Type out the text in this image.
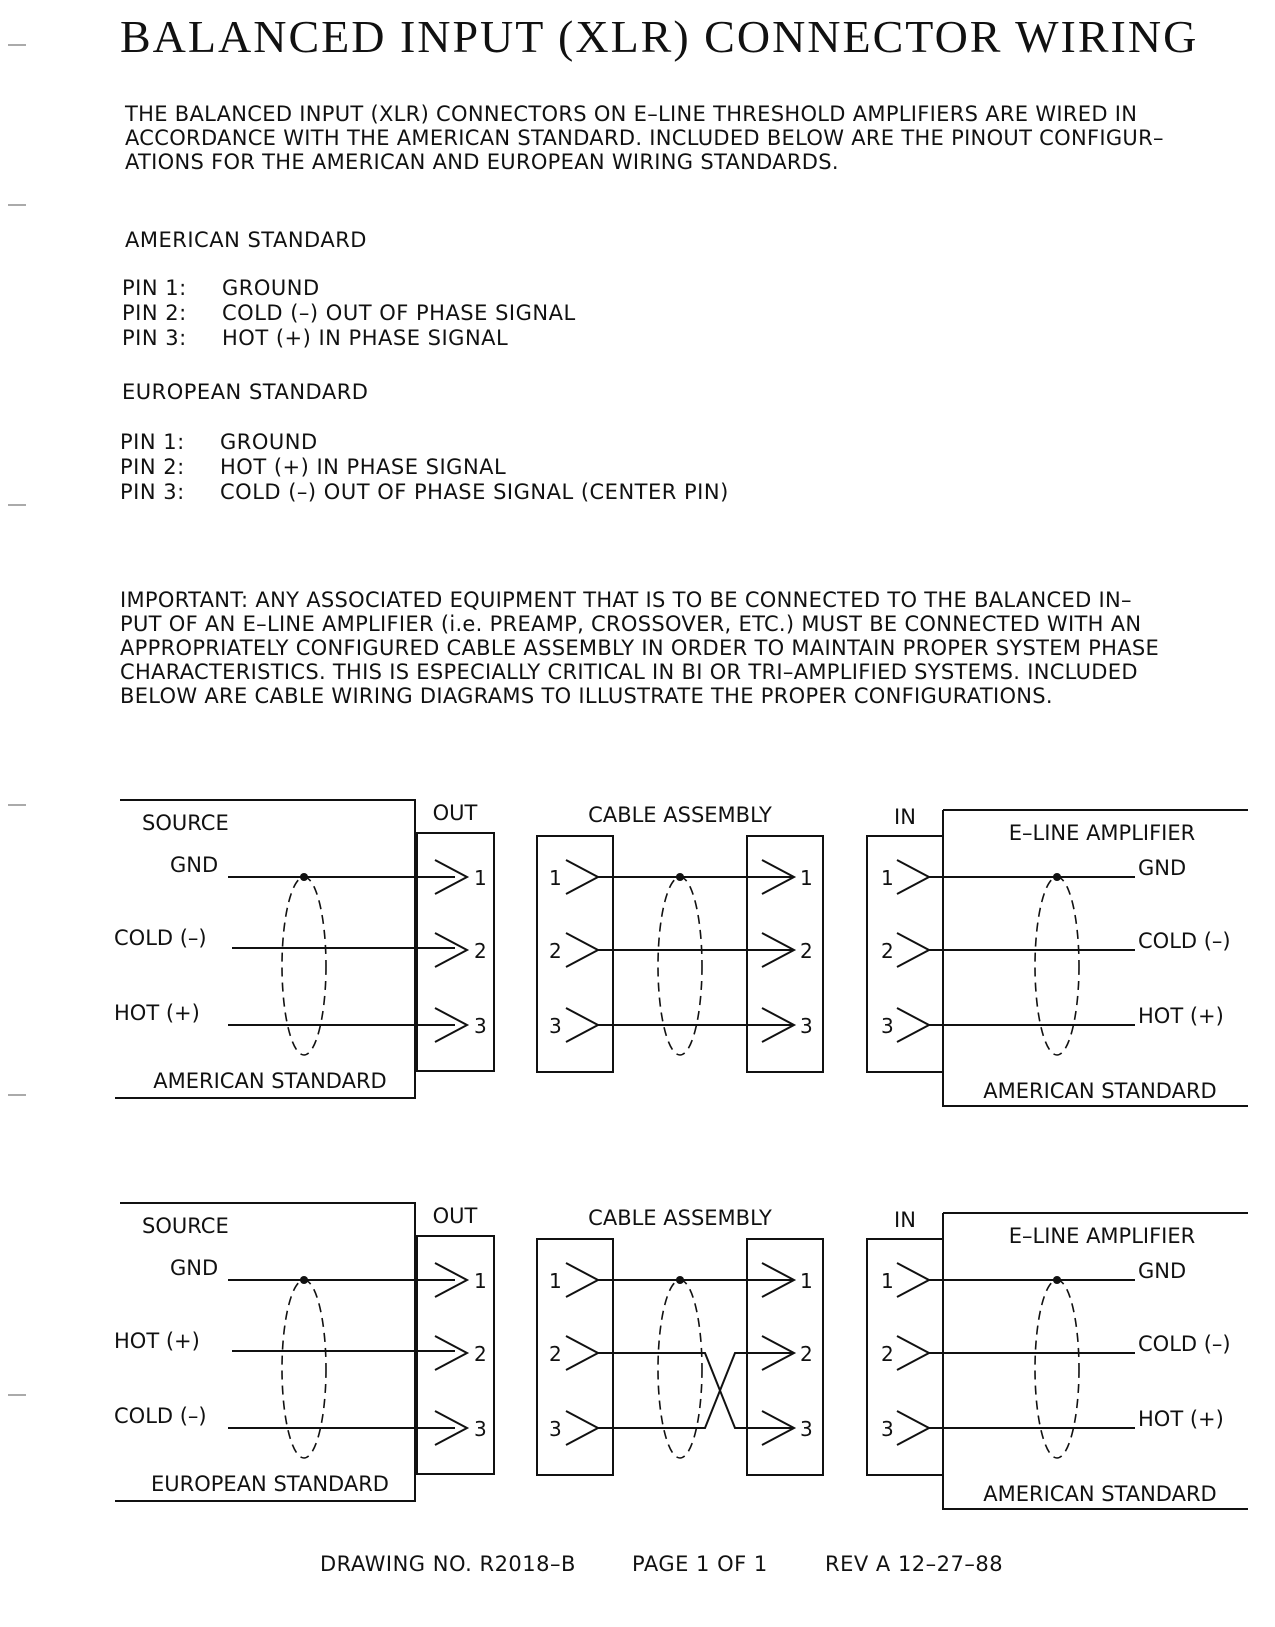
BALANCED INPUT (XLR) CONNECTOR WIRING
THE BALANCED INPUT (XLR) CONNECTORS ON E–LINE THRESHOLD AMPLIFIERS ARE WIRED IN
ACCORDANCE WITH THE AMERICAN STANDARD. INCLUDED BELOW ARE THE PINOUT CONFIGUR–
ATIONS FOR THE AMERICAN AND EUROPEAN WIRING STANDARDS.
AMERICAN STANDARD
PIN 1:	GROUND
PIN 2:	COLD (–) OUT OF PHASE SIGNAL
PIN 3:	HOT (+) IN PHASE SIGNAL
EUROPEAN STANDARD
PIN 1:	GROUND
PIN 2:	HOT (+) IN PHASE SIGNAL
PIN 3:	COLD (–) OUT OF PHASE SIGNAL (CENTER PIN)
IMPORTANT: ANY ASSOCIATED EQUIPMENT THAT IS TO BE CONNECTED TO THE BALANCED IN–
PUT OF AN E–LINE AMPLIFIER (i.e. PREAMP, CROSSOVER, ETC.) MUST BE CONNECTED WITH AN
APPROPRIATELY CONFIGURED CABLE ASSEMBLY IN ORDER TO MAINTAIN PROPER SYSTEM PHASE
CHARACTERISTICS. THIS IS ESPECIALLY CRITICAL IN BI OR TRI–AMPLIFIED SYSTEMS. INCLUDED
BELOW ARE CABLE WIRING DIAGRAMS TO ILLUSTRATE THE PROPER CONFIGURATIONS.
SOURCE
AMERICAN STANDARD
GND
COLD (–)
HOT (+)
OUT
1
2
3
CABLE ASSEMBLY
1	1
2	2
3	3
IN
E–LINE AMPLIFIER
AMERICAN STANDARD
1	GND
2	COLD (–)
3	HOT (+)
SOURCE
EUROPEAN STANDARD
GND
HOT (+)
COLD (–)
OUT
1
2
3
CABLE ASSEMBLY
1	1
2	2
3	3
IN
E–LINE AMPLIFIER
AMERICAN STANDARD
1	GND
2	COLD (–)
3	HOT (+)
DRAWING NO. R2018–B	PAGE 1 OF 1	REV A 12–27–88
